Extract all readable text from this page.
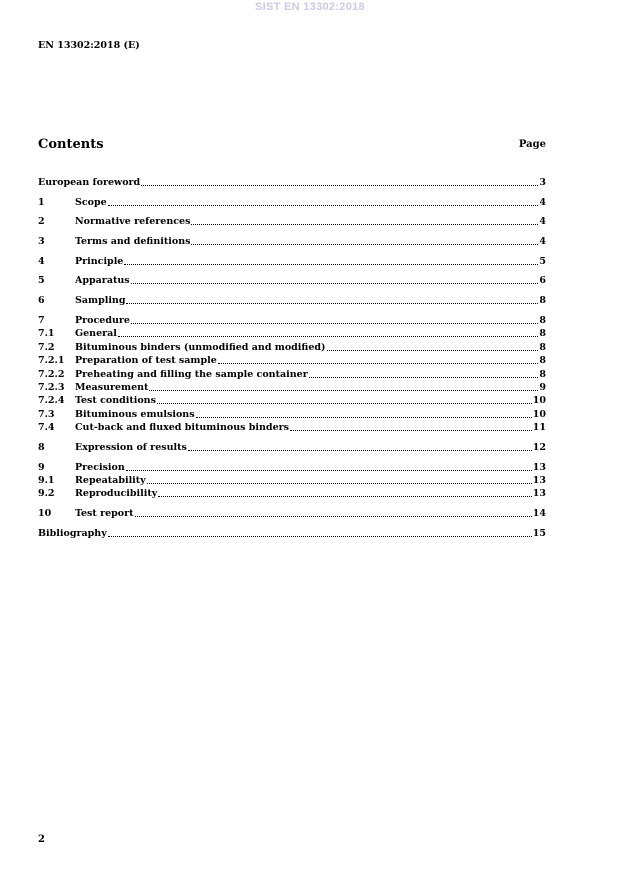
SIST EN 13302:2018
EN 13302:2018 (E)
Contents	Page
European foreword	3
1	Scope	4
2	Normative references	4
3	Terms and definitions	4
4	Principle	5
5	Apparatus	6
6	Sampling	8
7	Procedure	8
7.1	General	8
7.2	Bituminous binders (unmodified and modified)	8
7.2.1	Preparation of test sample	8
7.2.2	Preheating and filling the sample container	8
7.2.3	Measurement	9
7.2.4	Test conditions	10
7.3	Bituminous emulsions	10
7.4	Cut-back and fluxed bituminous binders	11
8	Expression of results	12
9	Precision	13
9.1	Repeatability	13
9.2	Reproducibility	13
10	Test report	14
Bibliography	15
2
